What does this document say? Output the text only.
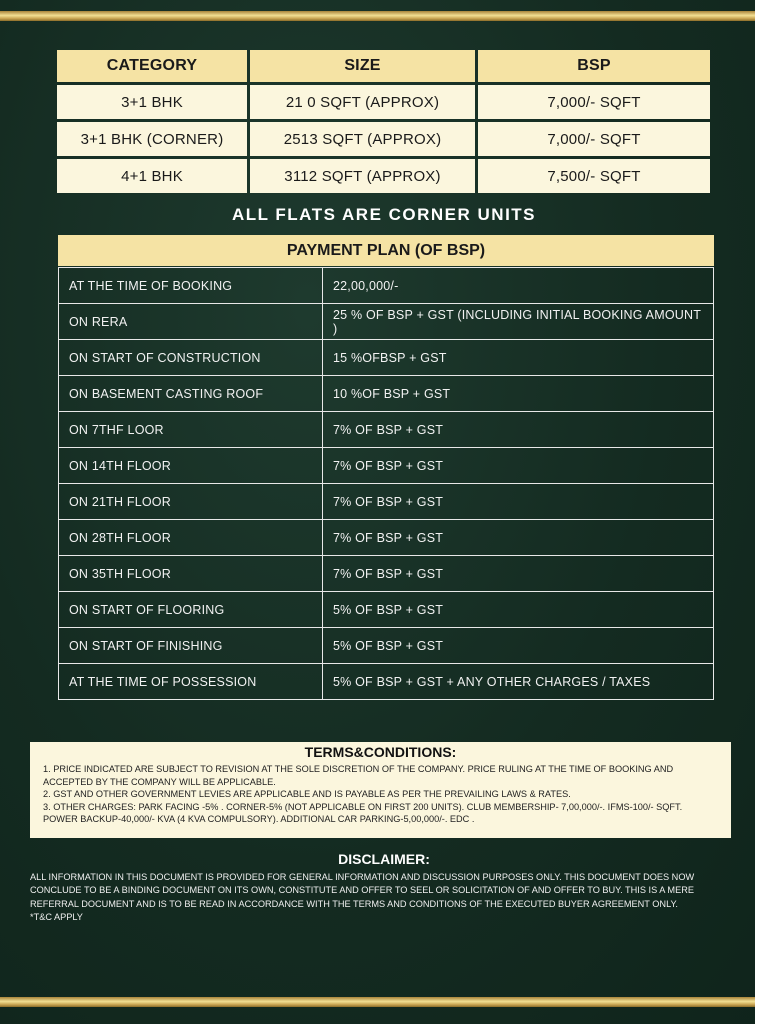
CATEGORY	SIZE	BSP
3+1 BHK	21 0 SQFT (APPROX)	7,000/- SQFT
3+1 BHK (CORNER)	2513 SQFT (APPROX)	7,000/- SQFT
4+1 BHK	3112 SQFT (APPROX)	7,500/- SQFT
ALL FLATS ARE CORNER UNITS
PAYMENT PLAN (OF BSP)
AT THE TIME OF BOOKING	22,00,000/-
ON RERA	25 % OF BSP + GST (INCLUDING INITIAL BOOKING AMOUNT )
ON START OF CONSTRUCTION	15 %OFBSP + GST
ON BASEMENT CASTING ROOF	10 %OF BSP + GST
ON 7THF LOOR	7% OF BSP + GST
ON 14TH FLOOR	7% OF BSP + GST
ON 21TH FLOOR	7% OF BSP + GST
ON 28TH FLOOR	7% OF BSP + GST
ON 35TH FLOOR	7% OF BSP + GST
ON START OF FLOORING	5% OF BSP + GST
ON START OF FINISHING	5% OF BSP + GST
AT THE TIME OF POSSESSION	5% OF BSP + GST + ANY OTHER CHARGES / TAXES
TERMS&CONDITIONS:
1. PRICE INDICATED ARE SUBJECT TO REVISION AT THE SOLE DISCRETION OF THE COMPANY. PRICE RULING AT THE TIME OF BOOKING AND
ACCEPTED BY THE COMPANY WILL BE APPLICABLE.
2. GST AND OTHER GOVERNMENT LEVIES ARE APPLICABLE AND IS PAYABLE AS PER THE PREVAILING LAWS & RATES.
3. OTHER CHARGES: PARK FACING -5% . CORNER-5% (NOT APPLICABLE ON FIRST 200 UNITS). CLUB MEMBERSHIP- 7,00,000/-. IFMS-100/- SQFT.
POWER BACKUP-40,000/- KVA (4 KVA COMPULSORY). ADDITIONAL CAR PARKING-5,00,000/-. EDC .
DISCLAIMER:
ALL INFORMATION IN THIS DOCUMENT IS PROVIDED FOR GENERAL INFORMATION AND DISCUSSION PURPOSES ONLY. THIS DOCUMENT DOES NOW
CONCLUDE TO BE A BINDING DOCUMENT ON ITS OWN, CONSTITUTE AND OFFER TO SEEL OR SOLICITATION OF AND OFFER TO BUY. THIS IS A MERE
REFERRAL DOCUMENT AND IS TO BE READ IN ACCORDANCE WITH THE TERMS AND CONDITIONS OF THE EXECUTED BUYER AGREEMENT ONLY.
*T&C APPLY
